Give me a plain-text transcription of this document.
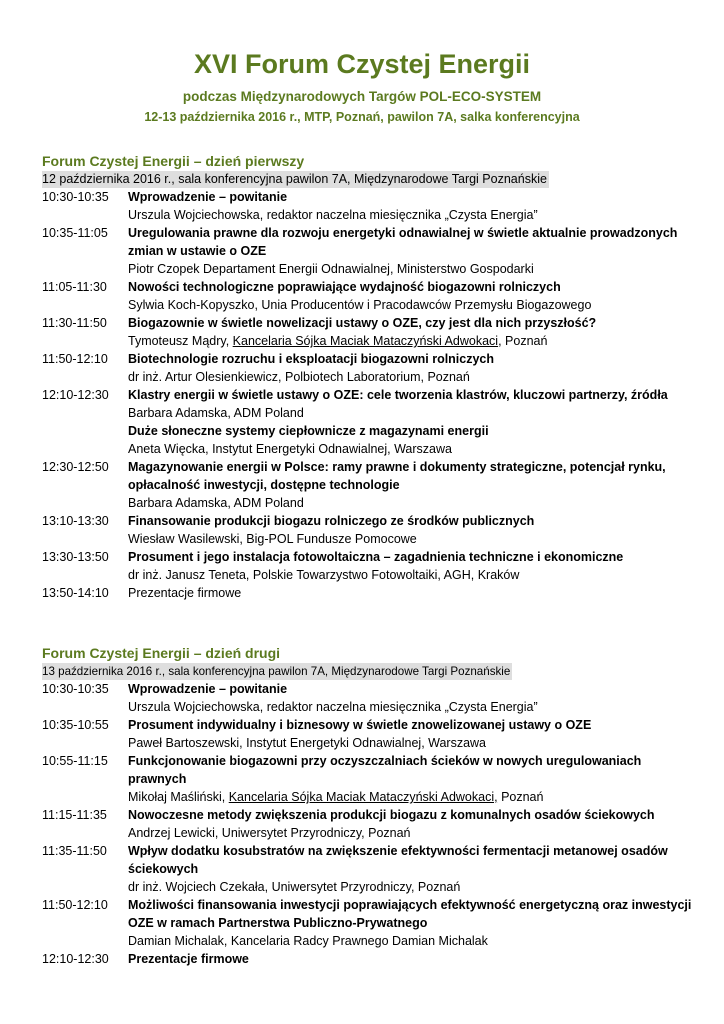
XVI Forum Czystej Energii
podczas Międzynarodowych Targów POL-ECO-SYSTEM
12-13 października 2016 r., MTP, Poznań, pawilon 7A, salka konferencyjna
Forum Czystej Energii – dzień pierwszy
12 października 2016 r., sala konferencyjna pawilon 7A, Międzynarodowe Targi Poznańskie
10:30-10:35	Wprowadzenie – powitanie
Urszula Wojciechowska, redaktor naczelna miesięcznika „Czysta Energia”
10:35-11:05	Uregulowania prawne dla rozwoju energetyki odnawialnej w świetle aktualnie prowadzonych zmian w ustawie o OZE
Piotr Czopek Departament Energii Odnawialnej, Ministerstwo Gospodarki
11:05-11:30	Nowości technologiczne poprawiające wydajność biogazowni rolniczych
Sylwia Koch-Kopyszko, Unia Producentów i Pracodawców Przemysłu Biogazowego
11:30-11:50	Biogazownie w świetle nowelizacji ustawy o OZE, czy jest dla nich przyszłość?
Tymoteusz Mądry, Kancelaria Sójka Maciak Mataczyński Adwokaci, Poznań
11:50-12:10	Biotechnologie rozruchu i eksploatacji biogazowni rolniczych
dr inż. Artur Olesienkiewicz, Polbiotech Laboratorium, Poznań
12:10-12:30	Klastry energii w świetle ustawy o OZE: cele tworzenia klastrów, kluczowi partnerzy, źródła
Barbara Adamska, ADM Poland
Duże słoneczne systemy ciepłownicze z magazynami energii
Aneta Więcka, Instytut Energetyki Odnawialnej, Warszawa
12:30-12:50	Magazynowanie energii w Polsce: ramy prawne i dokumenty strategiczne, potencjał rynku, opłacalność inwestycji, dostępne technologie
Barbara Adamska, ADM Poland
13:10-13:30	Finansowanie produkcji biogazu rolniczego ze środków publicznych
Wiesław Wasilewski, Big-POL Fundusze Pomocowe
13:30-13:50	Prosument i jego instalacja fotowoltaiczna – zagadnienia techniczne i ekonomiczne
dr inż. Janusz Teneta, Polskie Towarzystwo Fotowoltaiki, AGH, Kraków
13:50-14:10	Prezentacje firmowe
Forum Czystej Energii – dzień drugi
13 października 2016 r., sala konferencyjna pawilon 7A, Międzynarodowe Targi Poznańskie
10:30-10:35	Wprowadzenie – powitanie
Urszula Wojciechowska, redaktor naczelna miesięcznika „Czysta Energia”
10:35-10:55	Prosument indywidualny i biznesowy w świetle znowelizowanej ustawy o OZE
Paweł Bartoszewski, Instytut Energetyki Odnawialnej, Warszawa
10:55-11:15	Funkcjonowanie biogazowni przy oczyszczalniach ścieków w nowych uregulowaniach prawnych
Mikołaj Maśliński, Kancelaria Sójka Maciak Mataczyński Adwokaci, Poznań
11:15-11:35	Nowoczesne metody zwiększenia produkcji biogazu z komunalnych osadów ściekowych
Andrzej Lewicki, Uniwersytet Przyrodniczy, Poznań
11:35-11:50	Wpływ dodatku kosubstratów na zwiększenie efektywności fermentacji metanowej osadów ściekowych
dr inż. Wojciech Czekała, Uniwersytet Przyrodniczy, Poznań
11:50-12:10	Możliwości finansowania inwestycji poprawiających efektywność energetyczną oraz inwestycji OZE w ramach Partnerstwa Publiczno-Prywatnego
Damian Michalak, Kancelaria Radcy Prawnego Damian Michalak
12:10-12:30	Prezentacje firmowe
